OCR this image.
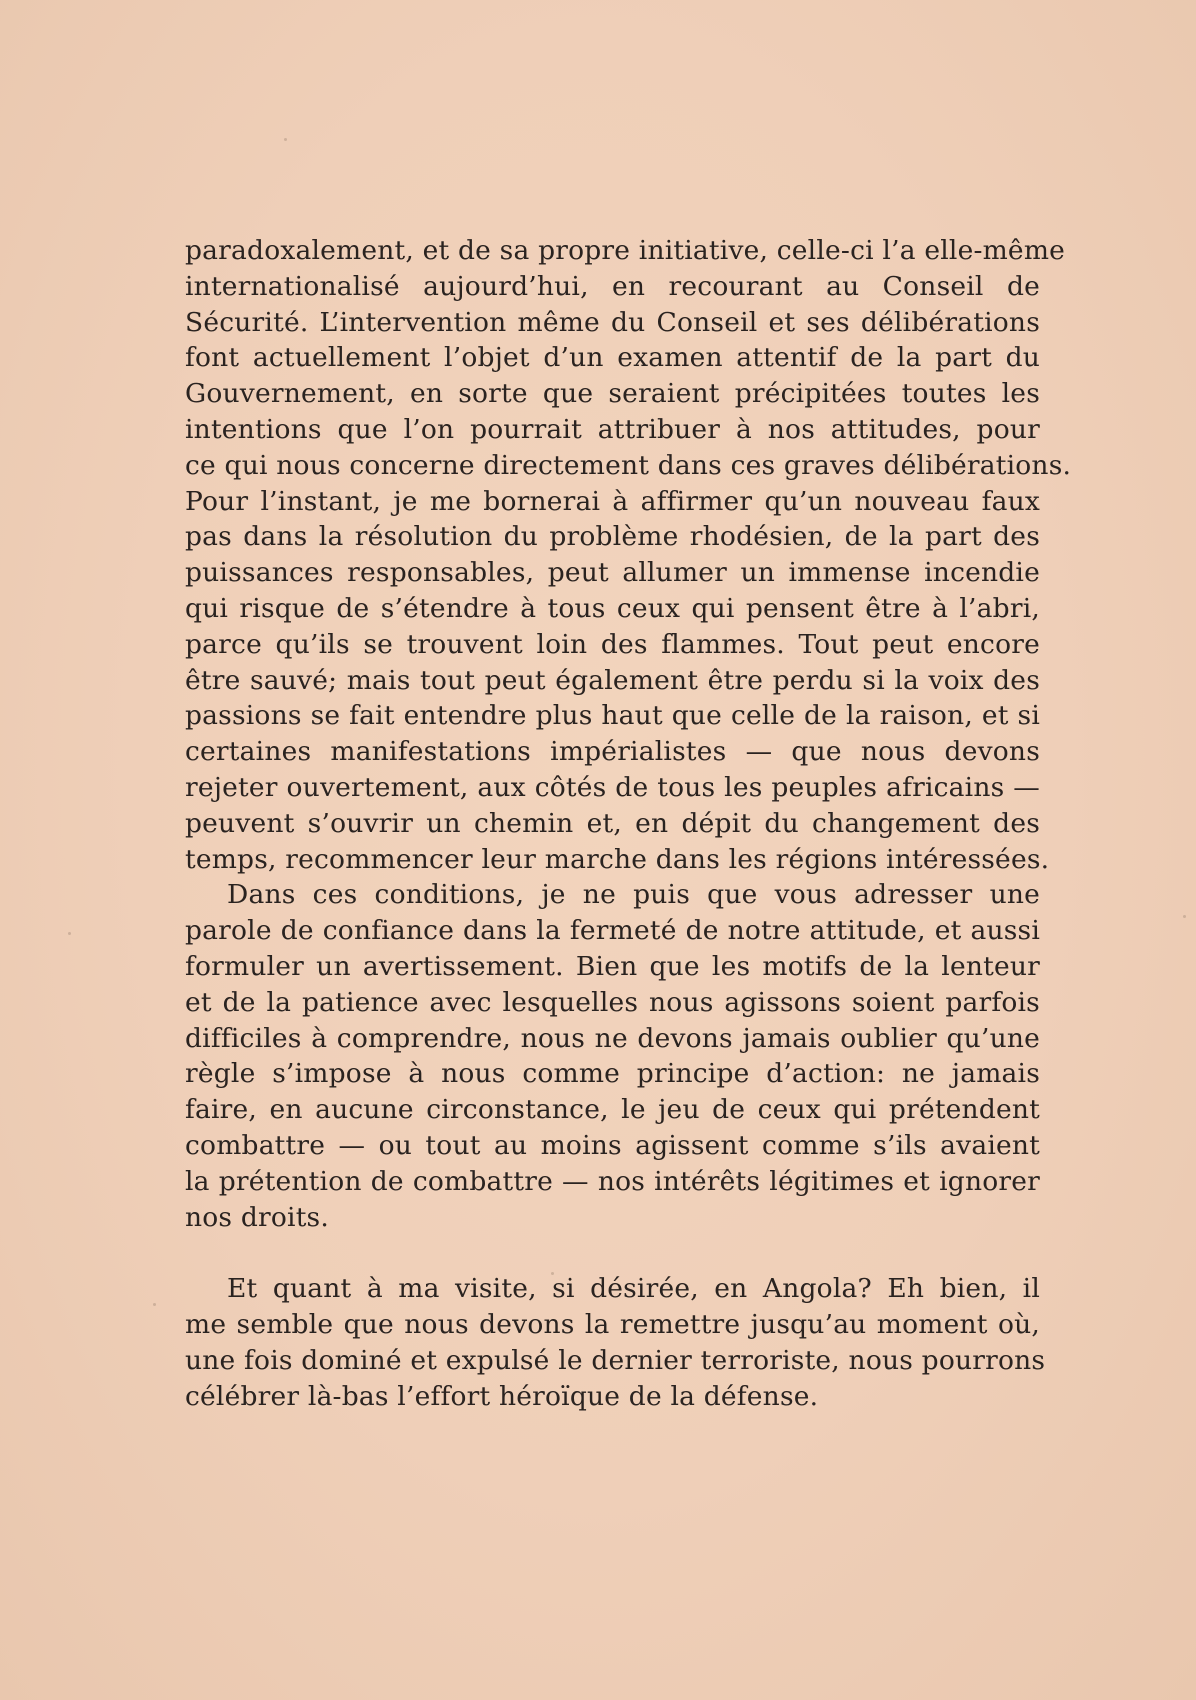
paradoxalement, et de sa propre initiative, celle-ci l’a elle-même
internationalisé aujourd’hui, en recourant au Conseil de
Sécurité. L’intervention même du Conseil et ses délibérations
font actuellement l’objet d’un examen attentif de la part du
Gouvernement, en sorte que seraient précipitées toutes les
intentions que l’on pourrait attribuer à nos attitudes, pour
ce qui nous concerne directement dans ces graves délibérations.
Pour l’instant, je me bornerai à affirmer qu’un nouveau faux
pas dans la résolution du problème rhodésien, de la part des
puissances responsables, peut allumer un immense incendie
qui risque de s’étendre à tous ceux qui pensent être à l’abri,
parce qu’ils se trouvent loin des flammes. Tout peut encore
être sauvé; mais tout peut également être perdu si la voix des
passions se fait entendre plus haut que celle de la raison, et si
certaines manifestations impérialistes — que nous devons
rejeter ouvertement, aux côtés de tous les peuples africains —
peuvent s’ouvrir un chemin et, en dépit du changement des
temps, recommencer leur marche dans les régions intéressées.
Dans ces conditions, je ne puis que vous adresser une
parole de confiance dans la fermeté de notre attitude, et aussi
formuler un avertissement. Bien que les motifs de la lenteur
et de la patience avec lesquelles nous agissons soient parfois
difficiles à comprendre, nous ne devons jamais oublier qu’une
règle s’impose à nous comme principe d’action: ne jamais
faire, en aucune circonstance, le jeu de ceux qui prétendent
combattre — ou tout au moins agissent comme s’ils avaient
la prétention de combattre — nos intérêts légitimes et ignorer
nos droits.
Et quant à ma visite, si désirée, en Angola? Eh bien, il
me semble que nous devons la remettre jusqu’au moment où,
une fois dominé et expulsé le dernier terroriste, nous pourrons
célébrer là-bas l’effort héroïque de la défense.
